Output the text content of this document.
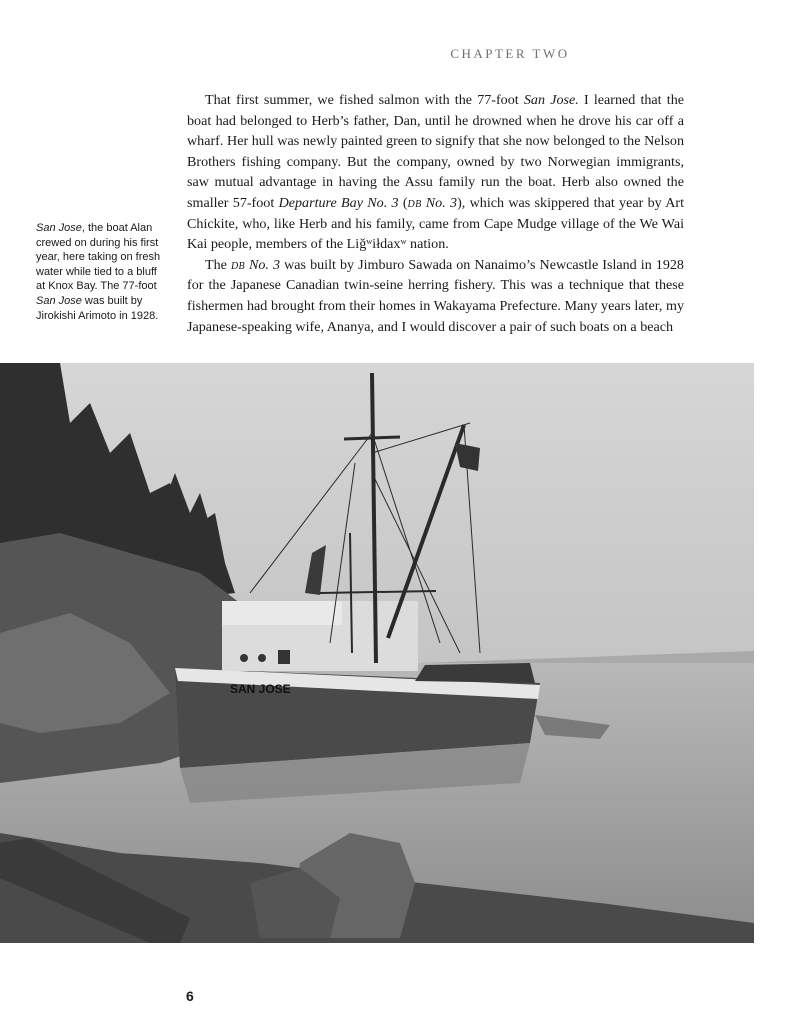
CHAPTER TWO

That first summer, we fished salmon with the 77-foot San Jose. I learned that the boat had belonged to Herb’s father, Dan, until he drowned when he drove his car off a wharf. Her hull was newly painted green to signify that she now belonged to the Nelson Brothers fishing company. But the company, owned by two Norwegian immigrants, saw mutual advantage in having the Assu family run the boat. Herb also owned the smaller 57-foot Departure Bay No. 3 (db No. 3), which was skippered that year by Art Chickite, who, like Herb and his family, came from Cape Mudge village of the We Wai Kai people, members of the Liǧʷiłdaxʷ nation.

The db No. 3 was built by Jimburo Sawada on Nanaimo’s Newcastle Island in 1928 for the Japanese Canadian twin-seine herring fishery. This was a technique that these fishermen had brought from their homes in Wakayama Prefecture. Many years later, my Japanese-speaking wife, Ananya, and I would discover a pair of such boats on a beach

San Jose, the boat Alan crewed on during his first year, here taking on fresh water while tied to a bluff at Knox Bay. The 77-foot San Jose was built by Jirokishi Arimoto in 1928.
SAN JOSE
6
